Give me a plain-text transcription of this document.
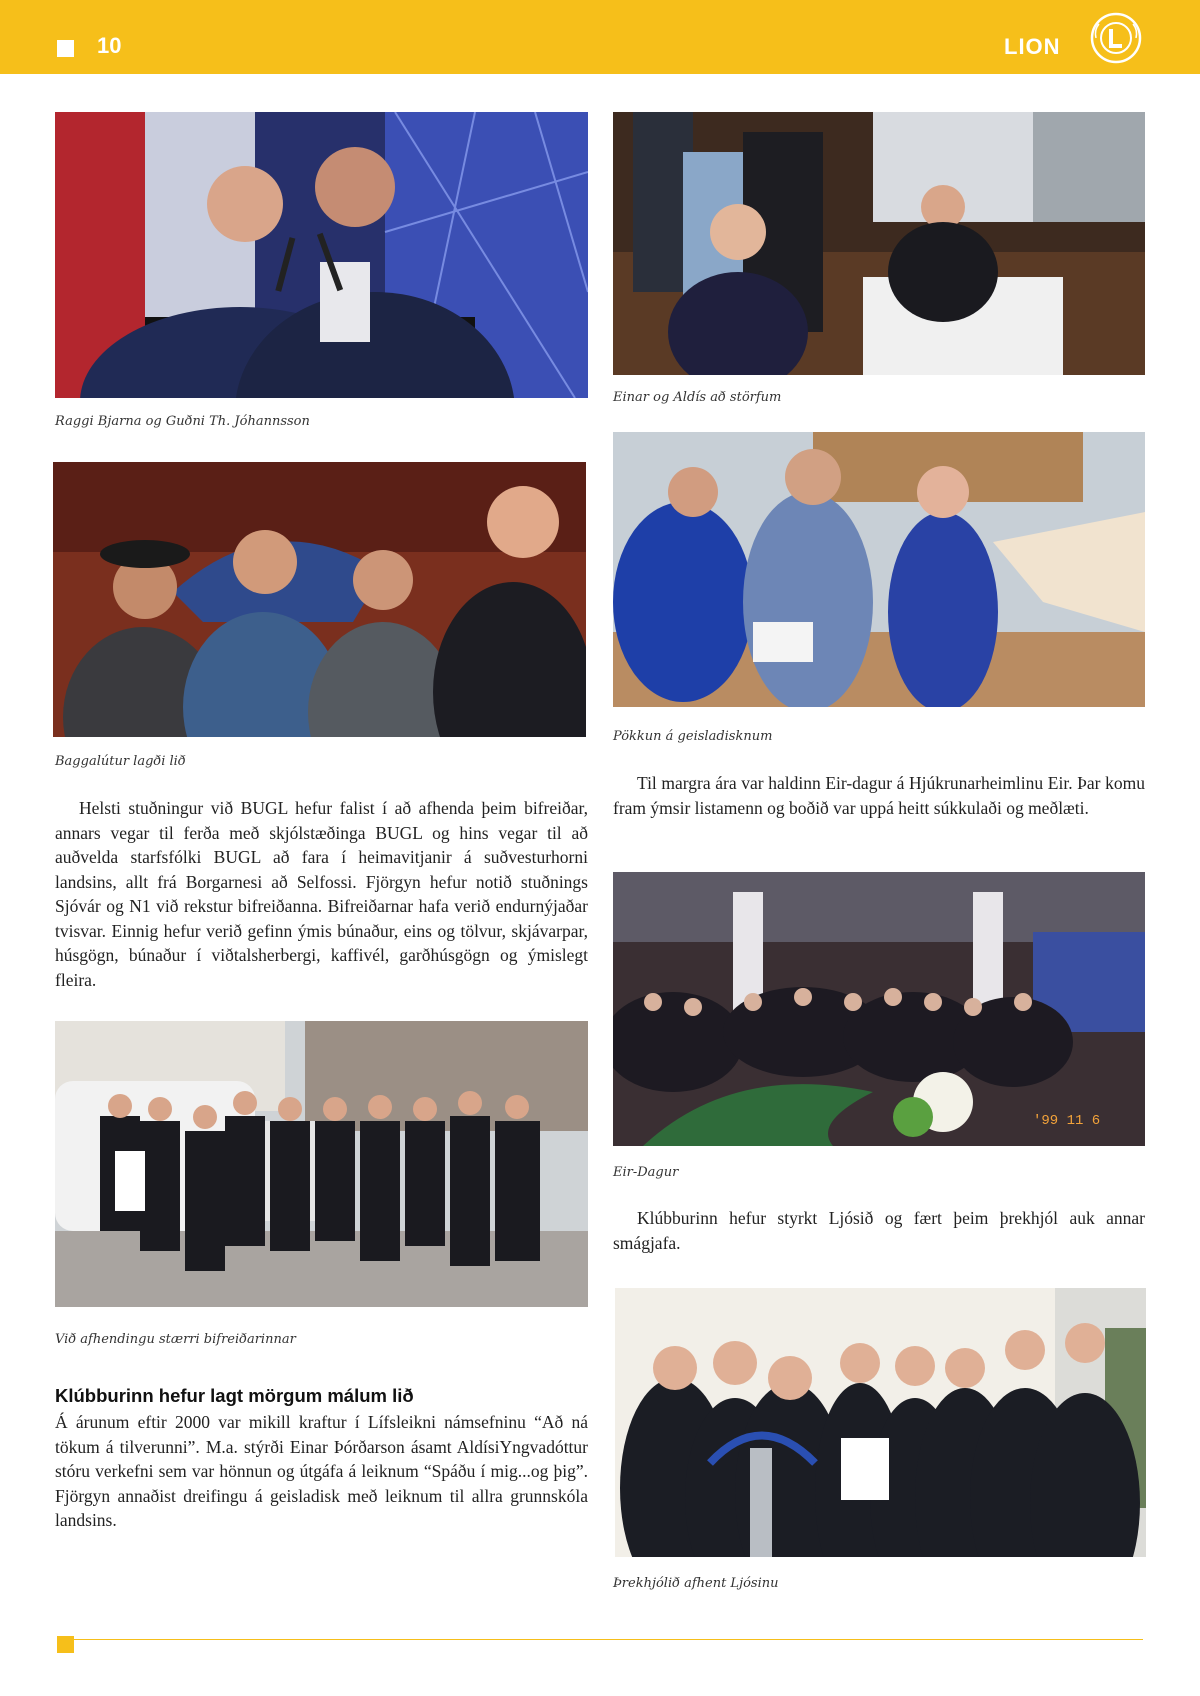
10	LION
Raggi Bjarna og Guðni Th. Jóhannsson
Einar og Aldís að störfum
Baggalútur lagði lið
Pökkun á geisladisknum

Til margra ára var haldinn Eir-dagur á Hjúkrunarheimlinu Eir. Þar komu fram ýmsir listamenn og boðið var uppá heitt súkkulaði og meðlæti.

Helsti stuðningur við BUGL hefur falist í að afhenda þeim bifreiðar, annars vegar til ferða með skjólstæðinga BUGL og hins vegar til að auðvelda starfsfólki BUGL að fara í heimavitjanir á suðvesturhorni landsins, allt frá Borgarnesi að Selfossi. Fjörgyn hefur notið stuðnings Sjóvár og N1 við rekstur bifreiðanna. Bifreiðarnar hafa verið endurnýjaðar tvisvar. Einnig hefur verið gefinn ýmis búnaður, eins og tölvur, skjávarpar, húsgögn, búnaður í viðtalsherbergi, kaffivél, garðhúsgögn og ýmislegt fleira.

'99 11 6
Eir-Dagur
Við afhendingu stærri bifreiðarinnar

Klúbburinn hefur styrkt Ljósið og fært þeim þrekhjól auk annar smágjafa.

Þrekhjólið afhent Ljósinu
Klúbburinn hefur lagt mörgum málum lið

Á árunum eftir 2000 var mikill kraftur í Lífsleikni námsefninu “Að ná tökum á tilverunni”. M.a. stýrði Einar Þórðarson ásamt AldísiYngvadóttur stóru verkefni sem var hönnun og útgáfa á leiknum “Spáðu í mig...og þig”. Fjörgyn annaðist dreifingu á geisladisk með leiknum til allra grunnskóla landsins.
